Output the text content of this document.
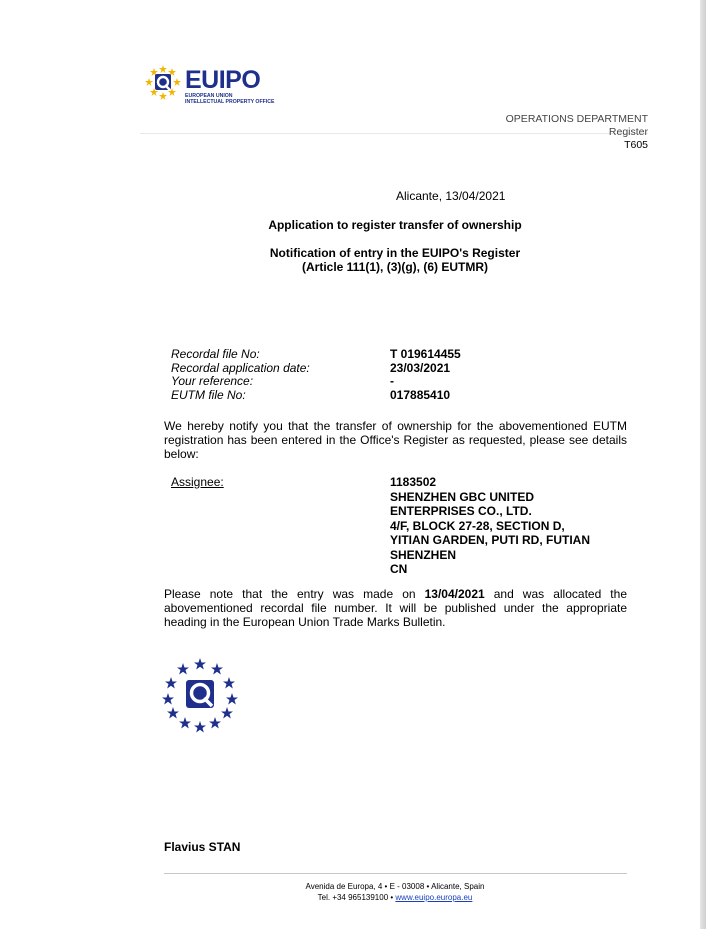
EUIPO
EUROPEAN UNION
INTELLECTUAL PROPERTY OFFICE
OPERATIONS DEPARTMENT
Register
T605
Alicante, 13/04/2021
Application to register transfer of ownership
Notification of entry in the EUIPO's Register
(Article 111(1), (3)(g), (6) EUTMR)
Recordal file No:	T 019614455
Recordal application date:	23/03/2021
Your reference:	-
EUTM file No:	017885410
We hereby notify you that the transfer of ownership for the abovementioned EUTM registration has been entered in the Office's Register as requested, please see details below:
Assignee:	1183502
SHENZHEN GBC UNITED
ENTERPRISES CO., LTD.
4/F, BLOCK 27-28, SECTION D,
YITIAN GARDEN, PUTI RD, FUTIAN
SHENZHEN
CN
Please note that the entry was made on 13/04/2021 and was allocated the abovementioned recordal file number. It will be published under the appropriate heading in the European Union Trade Marks Bulletin.
Flavius STAN
Avenida de Europa, 4 • E - 03008 • Alicante, Spain
Tel. +34 965139100 • www.euipo.europa.eu
